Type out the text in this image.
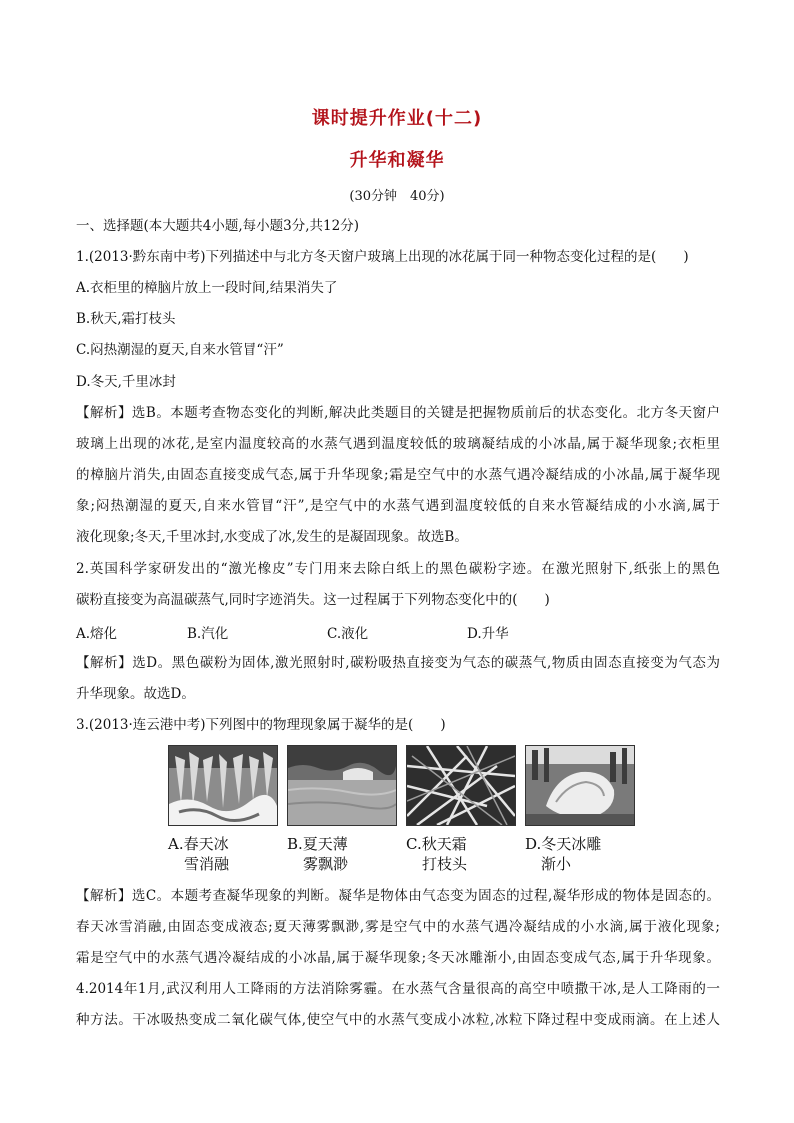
课时提升作业(十二)
升华和凝华
(30分钟　40分)
一、选择题(本大题共4小题,每小题3分,共12分)
1.(2013·黔东南中考)下列描述中与北方冬天窗户玻璃上出现的冰花属于同一种物态变化过程的是(　　)
A.衣柜里的樟脑片放上一段时间,结果消失了
B.秋天,霜打枝头
C.闷热潮湿的夏天,自来水管冒“汗”
D.冬天,千里冰封
【解析】选B。本题考查物态变化的判断,解决此类题目的关键是把握物质前后的状态变化。北方冬天窗户
玻璃上出现的冰花,是室内温度较高的水蒸气遇到温度较低的玻璃凝结成的小冰晶,属于凝华现象;衣柜里
的樟脑片消失,由固态直接变成气态,属于升华现象;霜是空气中的水蒸气遇冷凝结成的小冰晶,属于凝华现
象;闷热潮湿的夏天,自来水管冒“汗”,是空气中的水蒸气遇到温度较低的自来水管凝结成的小水滴,属于
液化现象;冬天,千里冰封,水变成了冰,发生的是凝固现象。故选B。
2.英国科学家研发出的“激光橡皮”专门用来去除白纸上的黑色碳粉字迹。在激光照射下,纸张上的黑色
碳粉直接变为高温碳蒸气,同时字迹消失。这一过程属于下列物态变化中的(　　)
A.熔化	B.汽化	C.液化	D.升华
【解析】选D。黑色碳粉为固体,激光照射时,碳粉吸热直接变为气态的碳蒸气,物质由固态直接变为气态为
升华现象。故选D。
3.(2013·连云港中考)下列图中的物理现象属于凝华的是(　　)
A.春天冰
雪消融
B.夏天薄
雾飘渺
C.秋天霜
打枝头
D.冬天冰雕
渐小
【解析】选C。本题考查凝华现象的判断。凝华是物体由气态变为固态的过程,凝华形成的物体是固态的。
春天冰雪消融,由固态变成液态;夏天薄雾飘渺,雾是空气中的水蒸气遇冷凝结成的小水滴,属于液化现象;
霜是空气中的水蒸气遇冷凝结成的小冰晶,属于凝华现象;冬天冰雕渐小,由固态变成气态,属于升华现象。
4.2014年1月,武汉利用人工降雨的方法消除雾霾。在水蒸气含量很高的高空中喷撒干冰,是人工降雨的一
种方法。干冰吸热变成二氧化碳气体,使空气中的水蒸气变成小冰粒,冰粒下降过程中变成雨滴。在上述人
